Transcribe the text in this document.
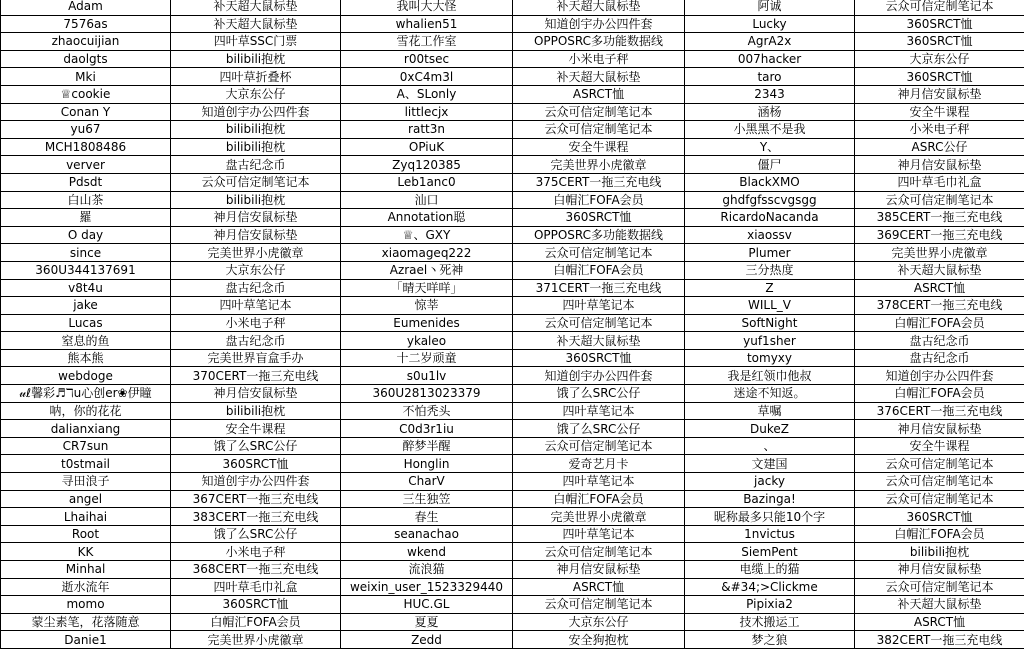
Adam	补天超大鼠标垫	我叫大大怪	补天超大鼠标垫	阿诚	云众可信定制笔记本
7576as	补天超大鼠标垫	whalien51	知道创宇办公四件套	Lucky	360SRCT恤
zhaocuijian	四叶草SSC门票	雪花工作室	OPPOSRC多功能数据线	AgrA2x	360SRCT恤
daolgts	bilibili抱枕	r00tsec	小米电子秤	007hacker	大京东公仔
Mki	四叶草折叠杯	0xC4m3l	补天超大鼠标垫	taro	360SRCT恤
♕cookie	大京东公仔	A、SLonly	ASRCT恤	2343	神月信安鼠标垫
Conan Y	知道创宇办公四件套	littlecjx	云众可信定制笔记本	涵杨	安全牛课程
yu67	bilibili抱枕	ratt3n	云众可信定制笔记本	小黑黑不是我	小米电子秤
MCH1808486	bilibili抱枕	OPiuK	安全牛课程	Y、	ASRC公仔
verver	盘古纪念币	Zyq120385	完美世界小虎徽章	僵尸	神月信安鼠标垫
Pdsdt	云众可信定制笔记本	Leb1anc0	375CERT一拖三充电线	BlackXMO	四叶草毛巾礼盒
白山茶	bilibili抱枕	汕口	白帽汇FOFA会员	ghdfgfsscvgsgg	云众可信定制笔记本
羅	神月信安鼠标垫	Annotation聪	360SRCT恤	RicardoNacanda	385CERT一拖三充电线
O day	神月信安鼠标垫	♕、GXY	OPPOSRC多功能数据线	xiaossv	369CERT一拖三充电线
since	完美世界小虎徽章	xiaomageq222	云众可信定制笔记本	Plumer	完美世界小虎徽章
360U344137691	大京东公仔	Azrael丶死神	白帽汇FOFA会员	三分热度	补天超大鼠标垫
v8t4u	盘古纪念币	「晴天咩咩」	371CERT一拖三充电线	Z	ASRCT恤
jake	四叶草笔记本	惊莘	四叶草笔记本	WILL_V	378CERT一拖三充电线
Lucas	小米电子秤	Eumenides	云众可信定制笔记本	SoftNight	白帽汇FOFA会员
窒息的鱼	盘古纪念币	ykaleo	补天超大鼠标垫	yuf1sher	盘古纪念币
熊本熊	完美世界盲盒手办	十二岁顽童	360SRCT恤	tomyxy	盘古纪念币
webdoge	370CERT一拖三充电线	s0u1lv	知道创宇办公四件套	我是红领巾他叔	知道创宇办公四件套
𝓊ℓ馨彩♬ℸu心创er❀伊瞳	神月信安鼠标垫	360U2813023379	饿了么SRC公仔	迷途不知返。	白帽汇FOFA会员
呐，你的花花	bilibili抱枕	不怕秃头	四叶草笔记本	草嘱	376CERT一拖三充电线
dalianxiang	安全牛课程	C0d3r1iu	饿了么SRC公仔	DukeZ	神月信安鼠标垫
CR7sun	饿了么SRC公仔	醉梦半醒	云众可信定制笔记本	、	安全牛课程
t0stmail	360SRCT恤	Honglin	爱奇艺月卡	文建国	云众可信定制笔记本
寻田浪子	知道创宇办公四件套	CharV	四叶草笔记本	jacky	云众可信定制笔记本
angel	367CERT一拖三充电线	三生独笠	白帽汇FOFA会员	Bazinga!	云众可信定制笔记本
Lhaihai	383CERT一拖三充电线	春生	完美世界小虎徽章	昵称最多只能10个字	360SRCT恤
Root	饿了么SRC公仔	seanachao	四叶草笔记本	1nvictus	白帽汇FOFA会员
KK	小米电子秤	wkend	云众可信定制笔记本	SiemPent	bilibili抱枕
Minhal	368CERT一拖三充电线	流浪猫	神月信安鼠标垫	电缆上的猫	神月信安鼠标垫
逝水流年	四叶草毛巾礼盒	weixin_user_1523329440	ASRCT恤	&#34;>Clickme	云众可信定制笔记本
momo	360SRCT恤	HUC.GL	云众可信定制笔记本	Pipixia2	补天超大鼠标垫
蒙尘素笔，花落随意	白帽汇FOFA会员	夏夏	大京东公仔	技术搬运工	ASRCT恤
Danie1	完美世界小虎徽章	Zedd	安全狗抱枕	梦之狼	382CERT一拖三充电线
